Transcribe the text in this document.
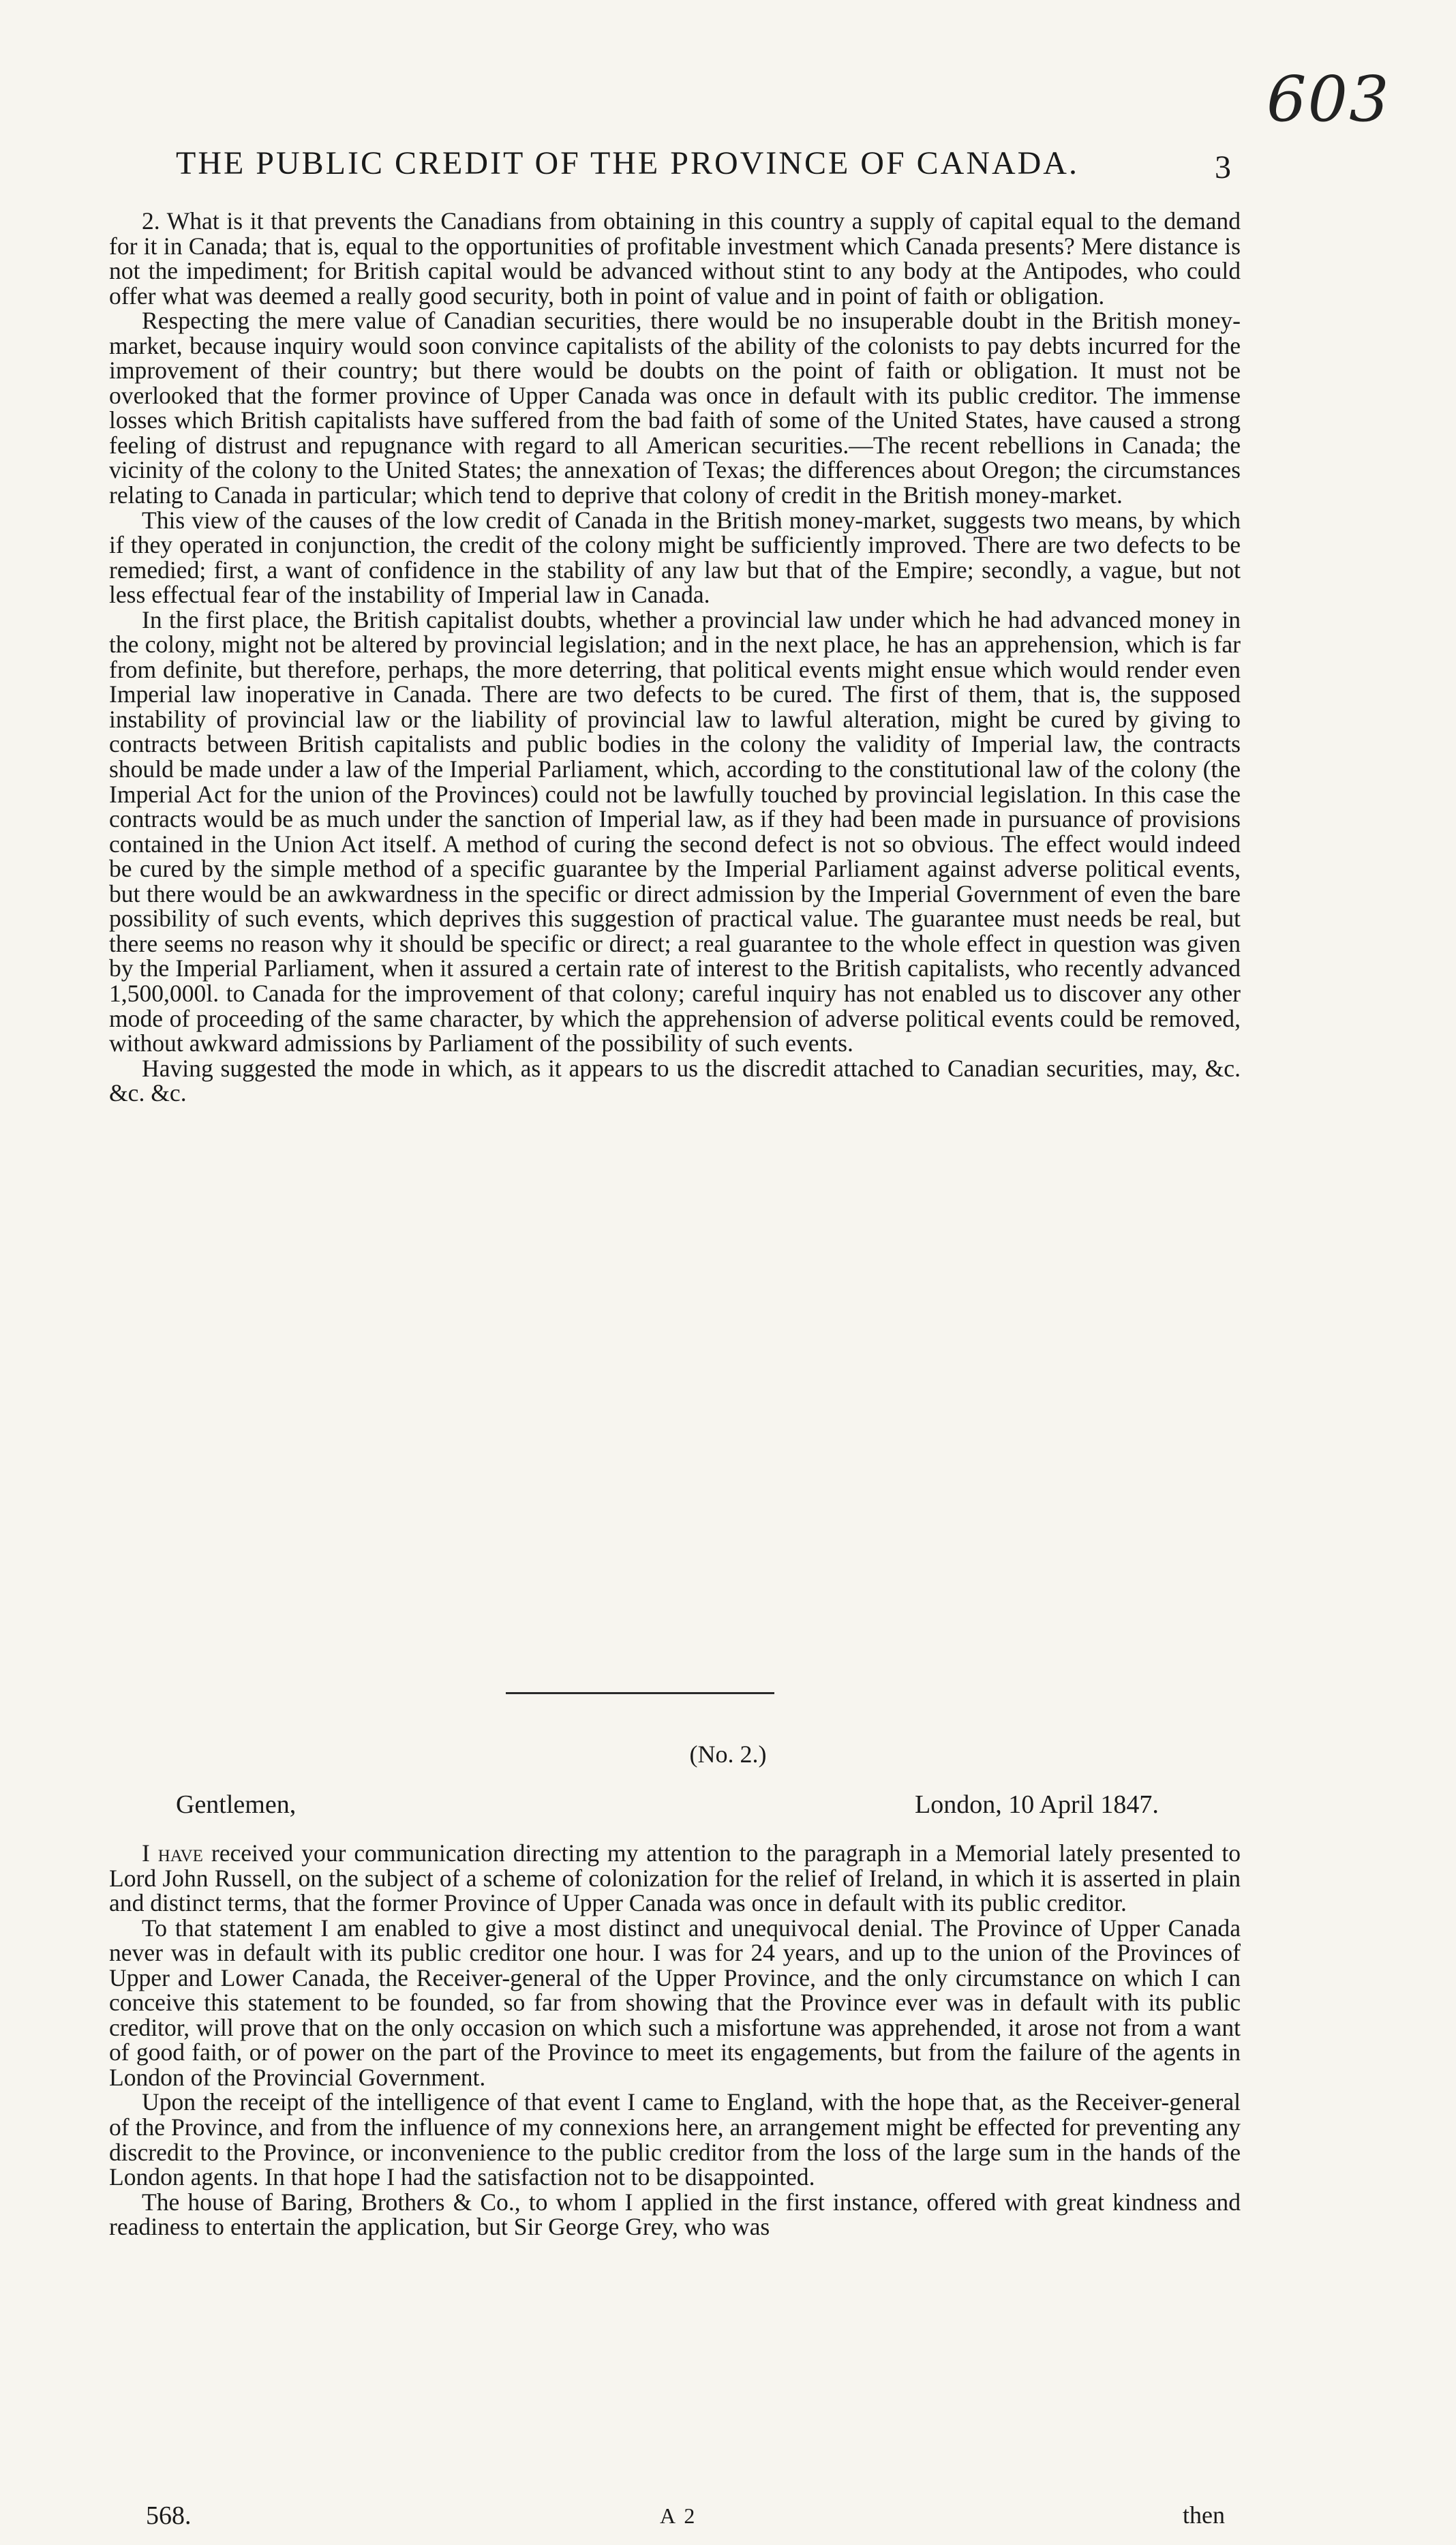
603
THE PUBLIC CREDIT OF THE PROVINCE OF CANADA.	3

2. What is it that prevents the Canadians from obtaining in this country a supply of capital equal to the demand for it in Canada; that is, equal to the opportunities of profitable investment which Canada presents? Mere distance is not the impediment; for British capital would be advanced without stint to any body at the Antipodes, who could offer what was deemed a really good security, both in point of value and in point of faith or obligation.

Respecting the mere value of Canadian securities, there would be no insuperable doubt in the British money-market, because inquiry would soon convince capitalists of the ability of the colonists to pay debts incurred for the improvement of their country; but there would be doubts on the point of faith or obligation. It must not be overlooked that the former province of Upper Canada was once in default with its public creditor. The immense losses which British capitalists have suffered from the bad faith of some of the United States, have caused a strong feeling of distrust and repugnance with regard to all American securities.—The recent rebellions in Canada; the vicinity of the colony to the United States; the annexation of Texas; the differences about Oregon; the circumstances relating to Canada in particular; which tend to deprive that colony of credit in the British money-market.

This view of the causes of the low credit of Canada in the British money-market, suggests two means, by which if they operated in conjunction, the credit of the colony might be sufficiently improved. There are two defects to be remedied; first, a want of confidence in the stability of any law but that of the Empire; secondly, a vague, but not less effectual fear of the instability of Imperial law in Canada.

In the first place, the British capitalist doubts, whether a provincial law under which he had advanced money in the colony, might not be altered by provincial legislation; and in the next place, he has an apprehension, which is far from definite, but therefore, perhaps, the more deterring, that political events might ensue which would render even Imperial law inoperative in Canada. There are two defects to be cured. The first of them, that is, the supposed instability of provincial law or the liability of provincial law to lawful alteration, might be cured by giving to contracts between British capitalists and public bodies in the colony the validity of Imperial law, the contracts should be made under a law of the Imperial Parliament, which, according to the constitutional law of the colony (the Imperial Act for the union of the Provinces) could not be lawfully touched by provincial legislation. In this case the contracts would be as much under the sanction of Imperial law, as if they had been made in pursuance of provisions contained in the Union Act itself. A method of curing the second defect is not so obvious. The effect would indeed be cured by the simple method of a specific guarantee by the Imperial Parliament against adverse political events, but there would be an awkwardness in the specific or direct admission by the Imperial Government of even the bare possibility of such events, which deprives this suggestion of practical value. The guarantee must needs be real, but there seems no reason why it should be specific or direct; a real guarantee to the whole effect in question was given by the Imperial Parliament, when it assured a certain rate of interest to the British capitalists, who recently advanced 1,500,000l. to Canada for the improvement of that colony; careful inquiry has not enabled us to discover any other mode of proceeding of the same character, by which the apprehension of adverse political events could be removed, without awkward admissions by Parliament of the possibility of such events.

Having suggested the mode in which, as it appears to us the discredit attached to Canadian securities, may, &c. &c. &c.

(No. 2.)
Gentlemen,	London, 10 April 1847.

I have received your communication directing my attention to the paragraph in a Memorial lately presented to Lord John Russell, on the subject of a scheme of colonization for the relief of Ireland, in which it is asserted in plain and distinct terms, that the former Province of Upper Canada was once in default with its public creditor.

To that statement I am enabled to give a most distinct and unequivocal denial. The Province of Upper Canada never was in default with its public creditor one hour. I was for 24 years, and up to the union of the Provinces of Upper and Lower Canada, the Receiver-general of the Upper Province, and the only circumstance on which I can conceive this statement to be founded, so far from showing that the Province ever was in default with its public creditor, will prove that on the only occasion on which such a misfortune was apprehended, it arose not from a want of good faith, or of power on the part of the Province to meet its engagements, but from the failure of the agents in London of the Provincial Government.

Upon the receipt of the intelligence of that event I came to England, with the hope that, as the Receiver-general of the Province, and from the influence of my connexions here, an arrangement might be effected for preventing any discredit to the Province, or inconvenience to the public creditor from the loss of the large sum in the hands of the London agents. In that hope I had the satisfaction not to be disappointed.

The house of Baring, Brothers & Co., to whom I applied in the first instance, offered with great kindness and readiness to entertain the application, but Sir George Grey, who was

568.	A 2	then
